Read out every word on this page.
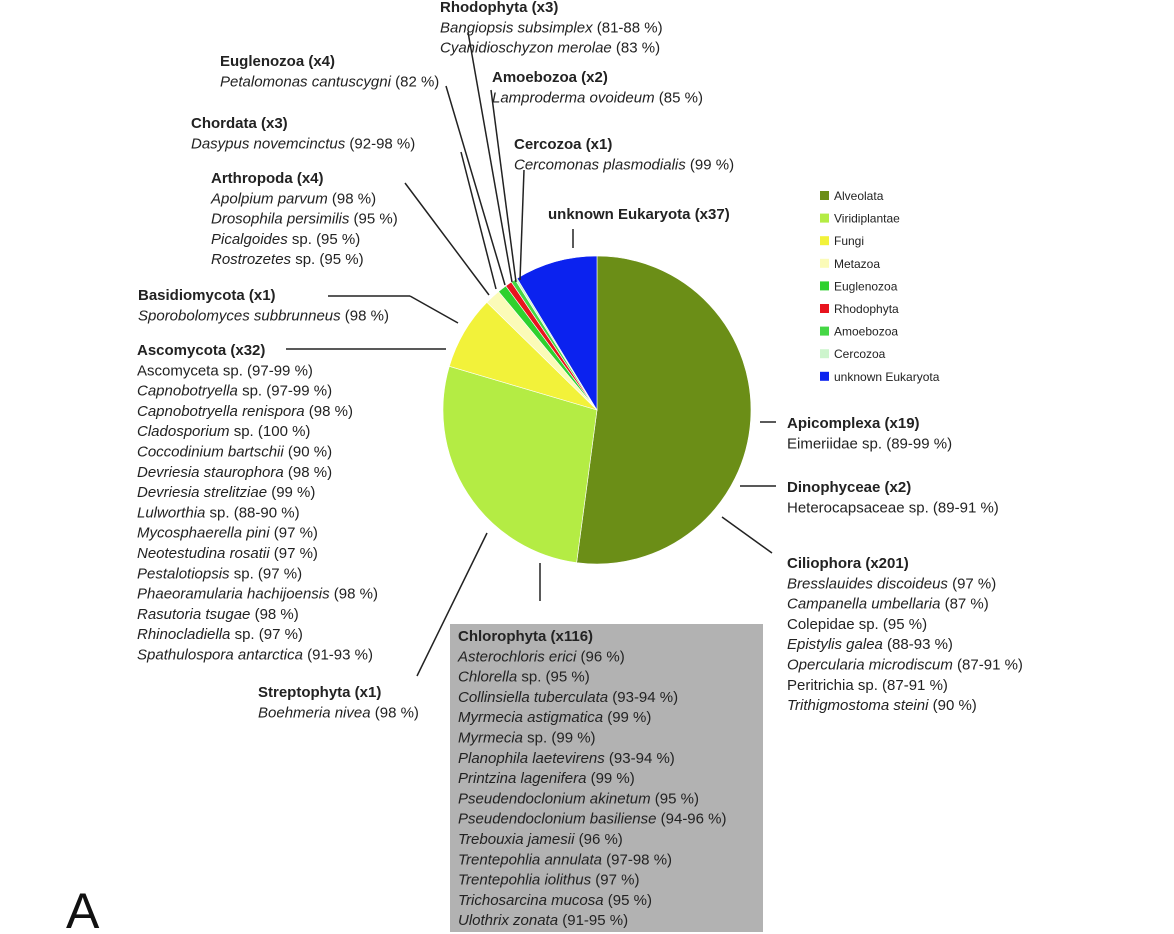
Rhodophyta (x3)
Bangiopsis subsimplex (81-88 %)
Cyanidioschyzon merolae (83 %)
Euglenozoa (x4)
Petalomonas cantuscygni (82 %)	Amoebozoa (x2)
Lamproderma ovoideum (85 %)
Chordata (x3)
Dasypus novemcinctus (92-98 %)	Cercozoa (x1)
Cercomonas plasmodialis (99 %)
Arthropoda (x4)
Apolpium parvum (98 %)
Drosophila persimilis (95 %)
Picalgoides sp. (95 %)
Rostrozetes sp. (95 %)
unknown Eukaryota (x37)
Basidiomycota (x1)
Sporobolomyces subbrunneus (98 %)
Ascomycota (x32)
Ascomyceta sp. (97-99 %)
Capnobotryella sp. (97-99 %)
Capnobotryella renispora (98 %)
Cladosporium sp. (100 %)
Coccodinium bartschii (90 %)
Devriesia staurophora (98 %)
Devriesia strelitziae (99 %)
Lulworthia sp. (88-90 %)
Mycosphaerella pini (97 %)
Neotestudina rosatii (97 %)
Pestalotiopsis sp. (97 %)
Phaeoramularia hachijoensis (98 %)
Rasutoria tsugae (98 %)
Rhinocladiella sp. (97 %)
Spathulospora antarctica (91-93 %)
Apicomplexa (x19)
Eimeriidae sp. (89-99 %)
Dinophyceae (x2)
Heterocapsaceae sp. (89-91 %)
Ciliophora (x201)
Bresslauides discoideus (97 %)
Campanella umbellaria (87 %)
Colepidae sp. (95 %)
Epistylis galea (88-93 %)
Opercularia microdiscum (87-91 %)
Peritrichia sp. (87-91 %)
Trithigmostoma steini (90 %)
Streptophyta (x1)
Boehmeria nivea (98 %)
Chlorophyta (x116)
Asterochloris erici (96 %)
Chlorella sp. (95 %)
Collinsiella tuberculata (93-94 %)
Myrmecia astigmatica (99 %)
Myrmecia sp. (99 %)
Planophila laetevirens (93-94 %)
Printzina lagenifera (99 %)
Pseudendoclonium akinetum (95 %)
Pseudendoclonium basiliense (94-96 %)
Trebouxia jamesii (96 %)
Trentepohlia annulata (97-98 %)
Trentepohlia iolithus (97 %)
Trichosarcina mucosa (95 %)
Ulothrix zonata (91-95 %)
Alveolata
Viridiplantae
Fungi
Metazoa
Euglenozoa
Rhodophyta
Amoebozoa
Cercozoa
unknown Eukaryota
A
